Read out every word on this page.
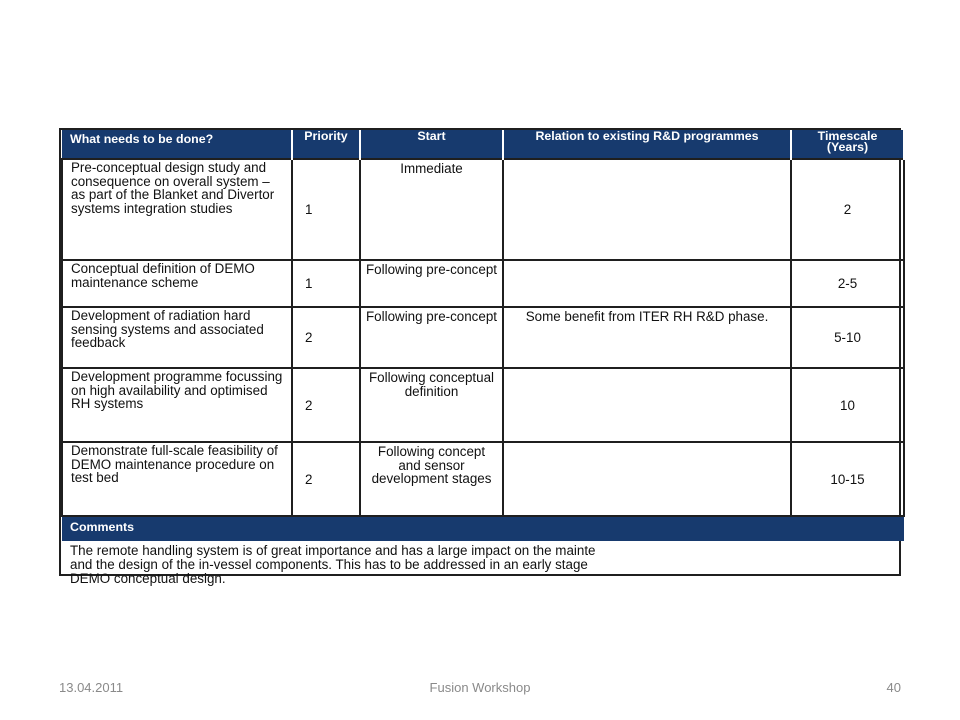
What needs to be done?	Priority	Start	Relation to existing R&D programmes	Timescale (Years)
Pre-conceptual design study and consequence on overall system – as part of the Blanket and Divertor systems integration studies	1	Immediate		2
Conceptual definition of DEMO maintenance scheme	1	Following pre-concept		2-5
Development of radiation hard sensing systems and associated feedback	2	Following pre-concept	Some benefit from ITER RH R&D phase.	5-10
Development programme focussing on high availability and optimised RH systems	2	Following conceptual definition		10
Demonstrate full-scale feasibility of DEMO maintenance procedure on test bed	2	Following concept and sensor development stages		10-15
Comments				

The remote handling system is of great importance and has a large impact on the mainte
and the design of the in-vessel components. This has to be addressed in an early stage
DEMO conceptual design.				
13.04.2011	Fusion Workshop	40
